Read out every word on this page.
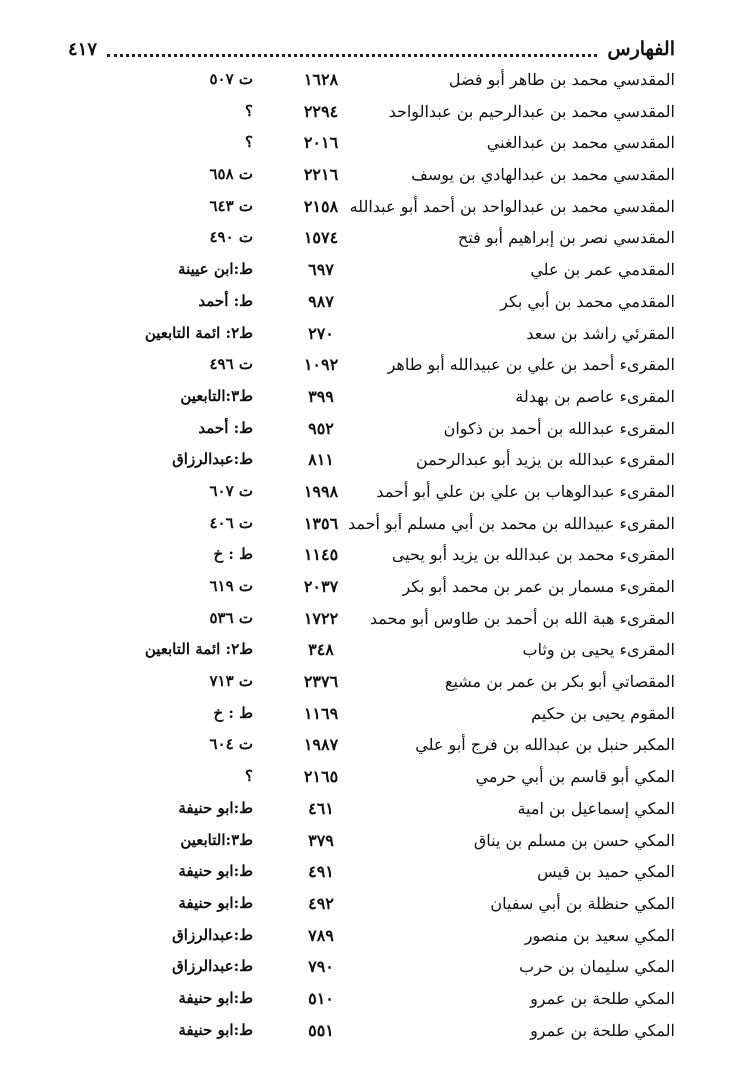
الفهارس
٤١٧
المقدسي محمد بن طاهر أبو فضل
١٦٢٨
ت ٥٠٧
المقدسي محمد بن عبدالرحيم بن عبدالواحد
٢٢٩٤
؟
المقدسي محمد بن عبدالغني
٢٠١٦
؟
المقدسي محمد بن عبدالهادي بن يوسف
٢٢١٦
ت ٦٥٨
المقدسي محمد بن عبدالواحد بن أحمد أبو عبدالله
٢١٥٨
ت ٦٤٣
المقدسي نصر بن إبراهيم أبو فتح
١٥٧٤
ت ٤٩٠
المقدمي عمر بن علي
٦٩٧
ط:ابن عيينة
المقدمي محمد بن أبي بكر
٩٨٧
ط: أحمد
المقرئي راشد بن سعد
٢٧٠
ط٢: ائمة التابعين
المقرىء أحمد بن علي بن عبيدالله أبو طاهر
١٠٩٢
ت ٤٩٦
المقرىء عاصم بن بهدلة
٣٩٩
ط٣:التابعين
المقرىء عبدالله بن أحمد بن ذكوان
٩٥٢
ط: أحمد
المقرىء عبدالله بن يزيد أبو عبدالرحمن
٨١١
ط:عبدالرزاق
المقرىء عبدالوهاب بن علي بن علي أبو أحمد
١٩٩٨
ت ٦٠٧
المقرىء عبيدالله بن محمد بن أبي مسلم أبو أحمد
١٣٥٦
ت ٤٠٦
المقرىء محمد بن عبدالله بن يزيد أبو يحيى
١١٤٥
ط : خ
المقرىء مسمار بن عمر بن محمد أبو بكر
٢٠٣٧
ت ٦١٩
المقرىء هبة الله بن أحمد بن طاوس أبو محمد
١٧٢٢
ت ٥٣٦
المقرىء يحيى بن وثاب
٣٤٨
ط٢: ائمة التابعين
المقصاتي أبو بكر بن عمر بن مشيع
٢٣٧٦
ت ٧١٣
المقوم يحيى بن حكيم
١١٦٩
ط : خ
المكبر حنبل بن عبدالله بن فرج أبو علي
١٩٨٧
ت ٦٠٤
المكي أبو قاسم بن أبي حرمي
٢١٦٥
؟
المكي إسماعيل بن امية
٤٦١
ط:ابو حنيفة
المكي حسن بن مسلم بن يناق
٣٧٩
ط٣:التابعين
المكي حميد بن قيس
٤٩١
ط:ابو حنيفة
المكي حنظلة بن أبي سفيان
٤٩٢
ط:ابو حنيفة
المكي سعيد بن منصور
٧٨٩
ط:عبدالرزاق
المكي سليمان بن حرب
٧٩٠
ط:عبدالرزاق
المكي طلحة بن عمرو
٥١٠
ط:ابو حنيفة
المكي طلحة بن عمرو
٥٥١
ط:ابو حنيفة
